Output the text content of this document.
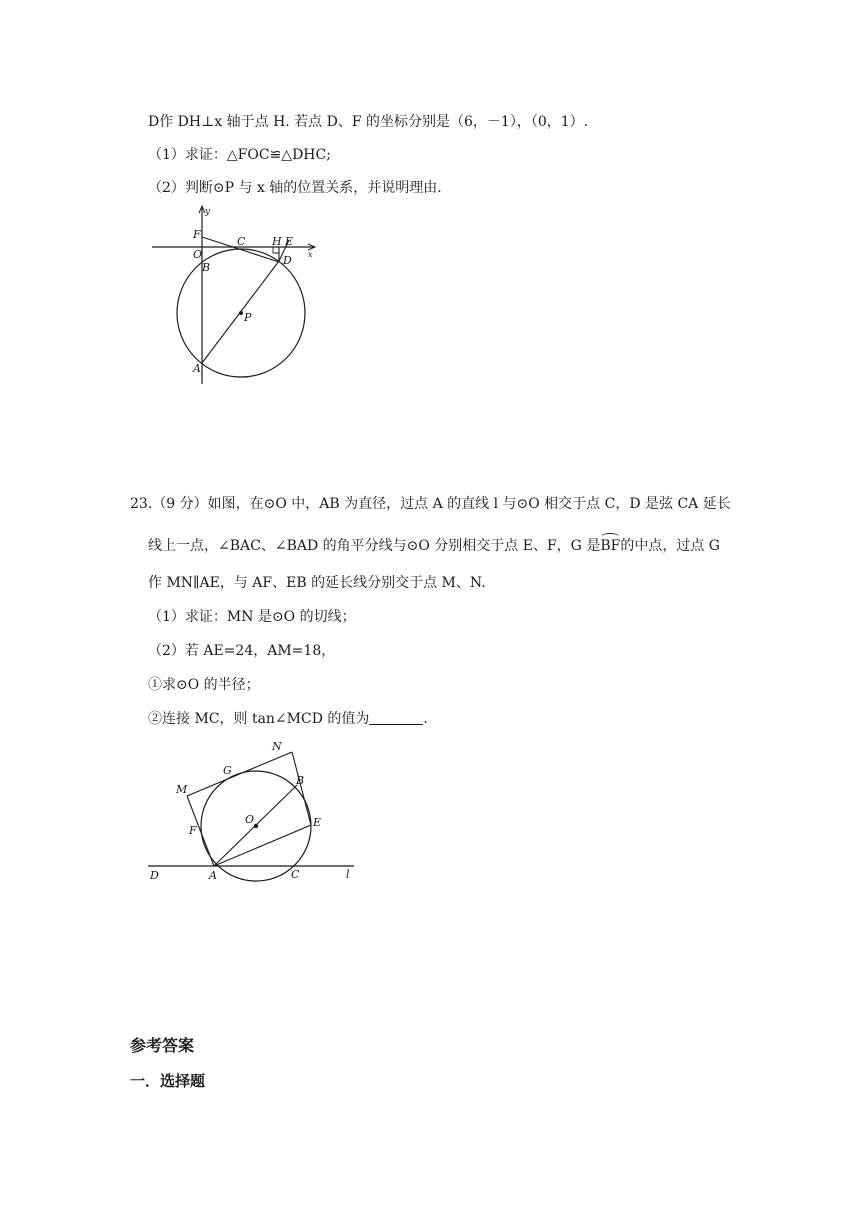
D作 DH⊥x 轴于点 H. 若点 D、F 的坐标分别是（6，－1），（0，1）.
（1）求证：△FOC≌△DHC;
（2）判断⊙P 与 x 轴的位置关系，并说明理由.
y
x
F
C H E
O	D
B
P
A
23.（9 分）如图，在⊙O 中，AB 为直径，过点 A 的直线 l 与⊙O 相交于点 C，D 是弦 CA 延长
线上一点，∠BAC、∠BAD 的角平分线与⊙O 分别相交于点 E、F，G 是BF的中点，过点 G
作 MN∥AE，与 AF、EB 的延长线分别交于点 M、N.
（1）求证：MN 是⊙O 的切线；
（2）若 AE=24，AM=18，
①求⊙O 的半径；
②连接 MC，则 tan∠MCD 的值为	.
N
G
B
M
O	E
F
D	A	C	l
参考答案
一．选择题
